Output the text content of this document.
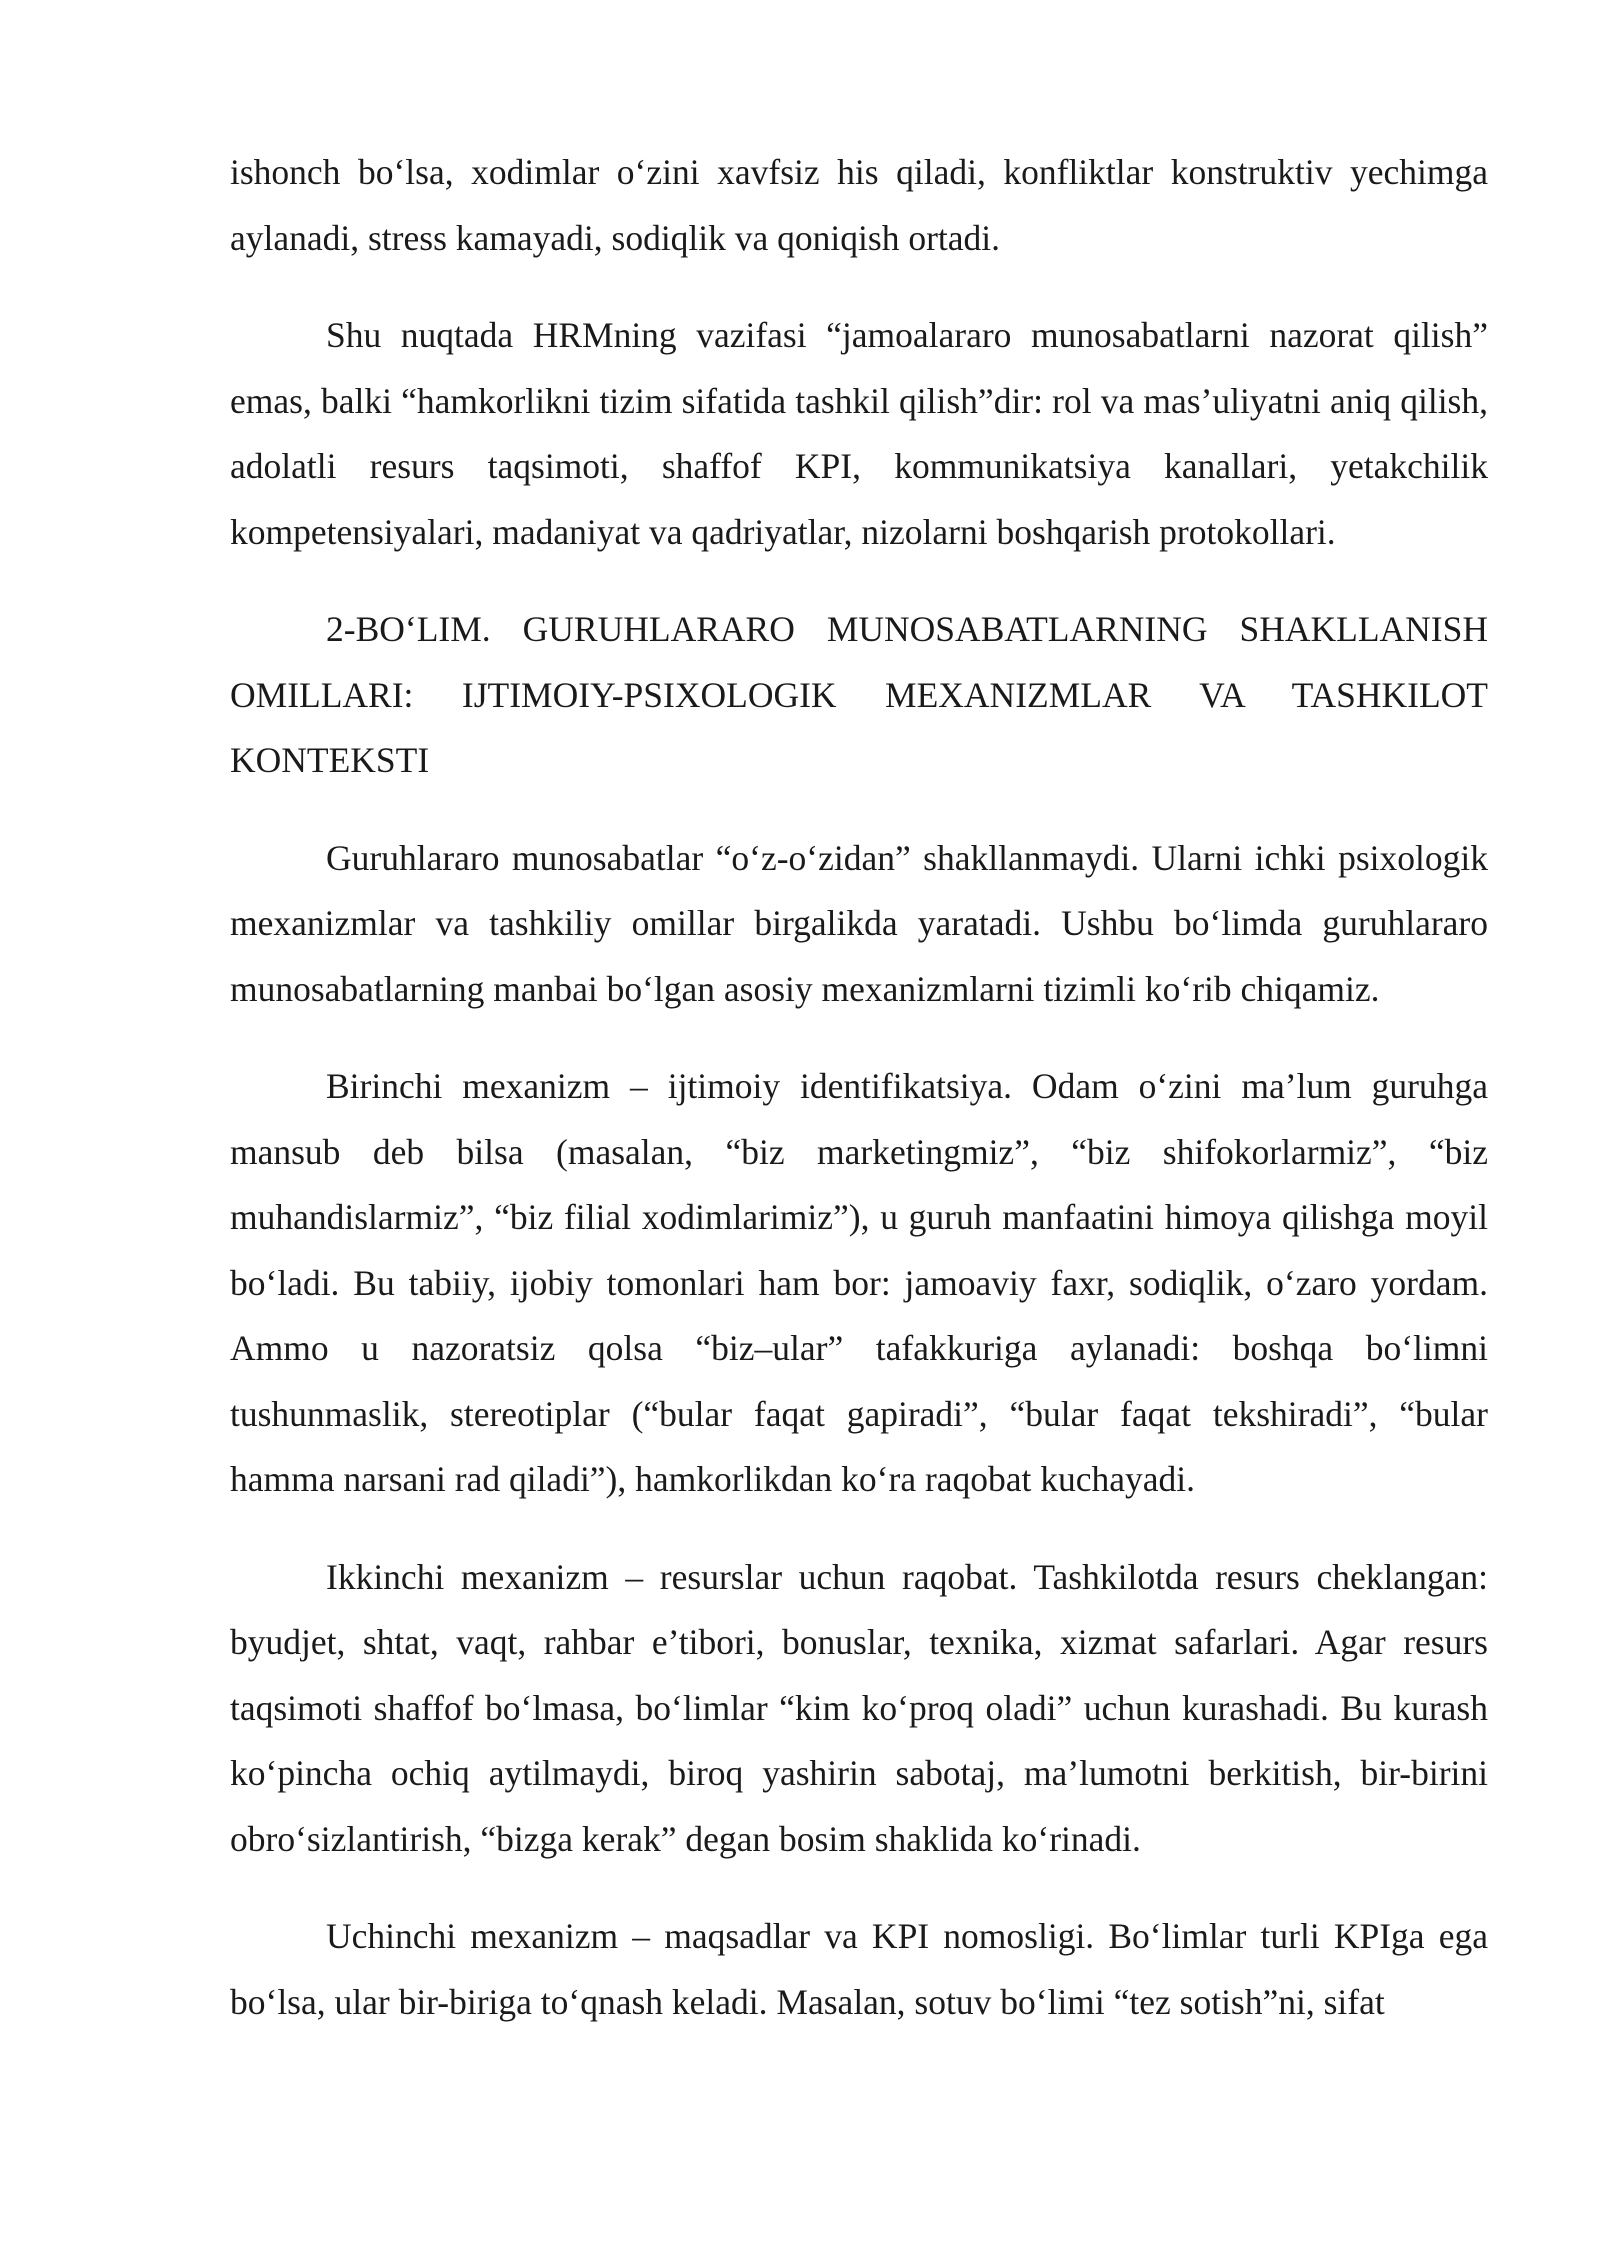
ishonch bo‘lsa, xodimlar o‘zini xavfsiz his qiladi, konfliktlar konstruktiv yechimga aylanadi, stress kamayadi, sodiqlik va qoniqish ortadi.

Shu nuqtada HRMning vazifasi “jamoalararo munosabatlarni nazorat qilish” emas, balki “hamkorlikni tizim sifatida tashkil qilish”dir: rol va mas’uliyatni aniq qilish, adolatli resurs taqsimoti, shaffof KPI, kommunikatsiya kanallari, yetakchilik kompetensiyalari, madaniyat va qadriyatlar, nizolarni boshqarish protokollari.

2-BO‘LIM. GURUHLARARO MUNOSABATLARNING SHAKLLANISH OMILLARI: IJTIMOIY-PSIXOLOGIK MEXANIZMLAR VA TASHKILOT KONTEKSTI

Guruhlararo munosabatlar “o‘z-o‘zidan” shakllanmaydi. Ularni ichki psixologik mexanizmlar va tashkiliy omillar birgalikda yaratadi. Ushbu bo‘limda guruhlararo munosabatlarning manbai bo‘lgan asosiy mexanizmlarni tizimli ko‘rib chiqamiz.

Birinchi mexanizm – ijtimoiy identifikatsiya. Odam o‘zini ma’lum guruhga mansub deb bilsa (masalan, “biz marketingmiz”, “biz shifokorlarmiz”, “biz muhandislarmiz”, “biz filial xodimlarimiz”), u guruh manfaatini himoya qilishga moyil bo‘ladi. Bu tabiiy, ijobiy tomonlari ham bor: jamoaviy faxr, sodiqlik, o‘zaro yordam. Ammo u nazoratsiz qolsa “biz–ular” tafakkuriga aylanadi: boshqa bo‘limni tushunmaslik, stereotiplar (“bular faqat gapiradi”, “bular faqat tekshiradi”, “bular hamma narsani rad qiladi”), hamkorlikdan ko‘ra raqobat kuchayadi.

Ikkinchi mexanizm – resurslar uchun raqobat. Tashkilotda resurs cheklangan: byudjet, shtat, vaqt, rahbar e’tibori, bonuslar, texnika, xizmat safarlari. Agar resurs taqsimoti shaffof bo‘lmasa, bo‘limlar “kim ko‘proq oladi” uchun kurashadi. Bu kurash ko‘pincha ochiq aytilmaydi, biroq yashirin sabotaj, ma’lumotni berkitish, bir-birini obro‘sizlantirish, “bizga kerak” degan bosim shaklida ko‘rinadi.

Uchinchi mexanizm – maqsadlar va KPI nomosligi. Bo‘limlar turli KPIga ega bo‘lsa, ular bir-biriga to‘qnash keladi. Masalan, sotuv bo‘limi “tez sotish”ni, sifat
